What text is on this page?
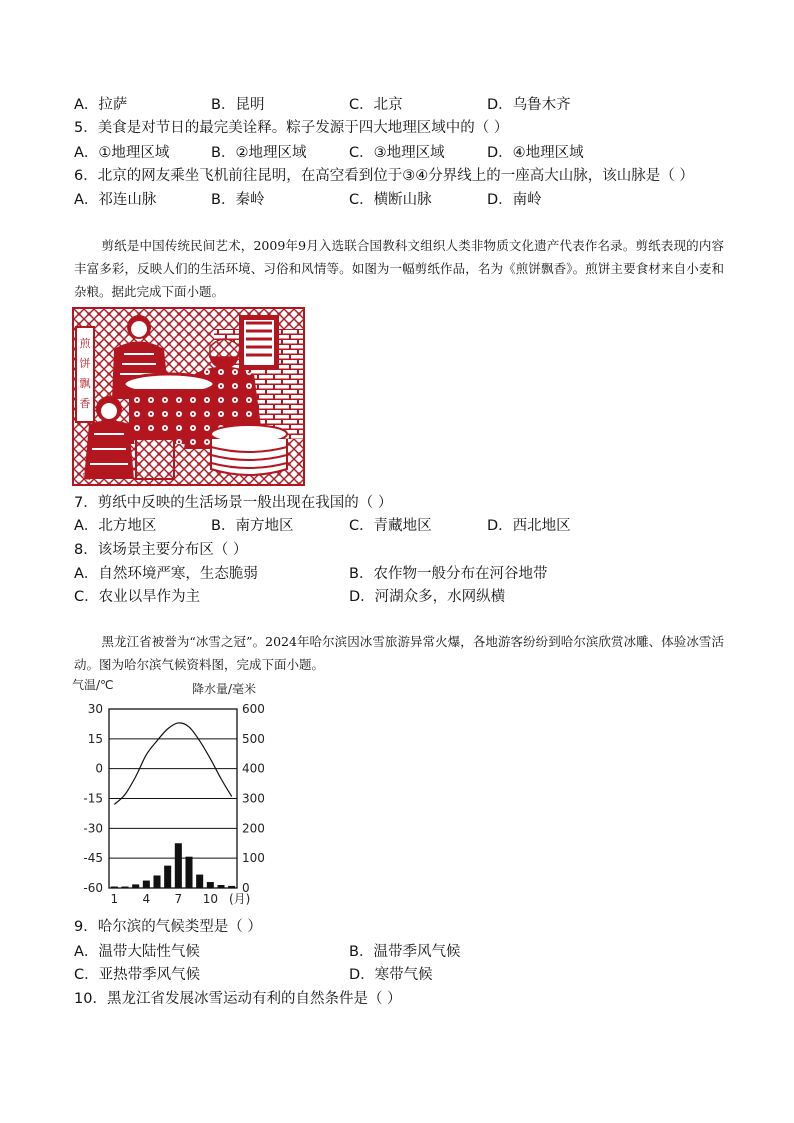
A．拉萨	B．昆明	C．北京	D．乌鲁木齐
5．美食是对节日的最完美诠释。粽子发源于四大地理区域中的（ ）
A．①地理区域	B．②地理区域	C．③地理区域	D．④地理区域
6．北京的网友乘坐飞机前往昆明，在高空看到位于③④分界线上的一座高大山脉，该山脉是（ ）
A．祁连山脉	B．秦岭	C．横断山脉	D．南岭

剪纸是中国传统民间艺术，2009年9月入选联合国教科文组织人类非物质文化遗产代表作名录。剪纸表现的内容丰富多彩，反映人们的生活环境、习俗和风情等。如图为一幅剪纸作品，名为《煎饼飘香》。煎饼主要食材来自小麦和杂粮。据此完成下面小题。

煎
饼
飘
香
□
7．剪纸中反映的生活场景一般出现在我国的（ ）
A．北方地区	B．南方地区	C．青藏地区	D．西北地区
8．该场景主要分布区（ ）
A．自然环境严寒，生态脆弱	B．农作物一般分布在河谷地带
C．农业以旱作为主	D．河湖众多，水网纵横

黑龙江省被誉为“冰雪之冠”。2024年哈尔滨因冰雪旅游异常火爆，各地游客纷纷到哈尔滨欣赏冰雕、体验冰雪活动。图为哈尔滨气候资料图，完成下面小题。

气温/℃	降水量/毫米
30	600
15	500
0	400
-15	300
-30	200
-45	100
-60	0
1 4 7 10 (月)
9．哈尔滨的气候类型是（ ）
A．温带大陆性气候	B．温带季风气候
C．亚热带季风气候	D．寒带气候
10．黑龙江省发展冰雪运动有利的自然条件是（ ）
